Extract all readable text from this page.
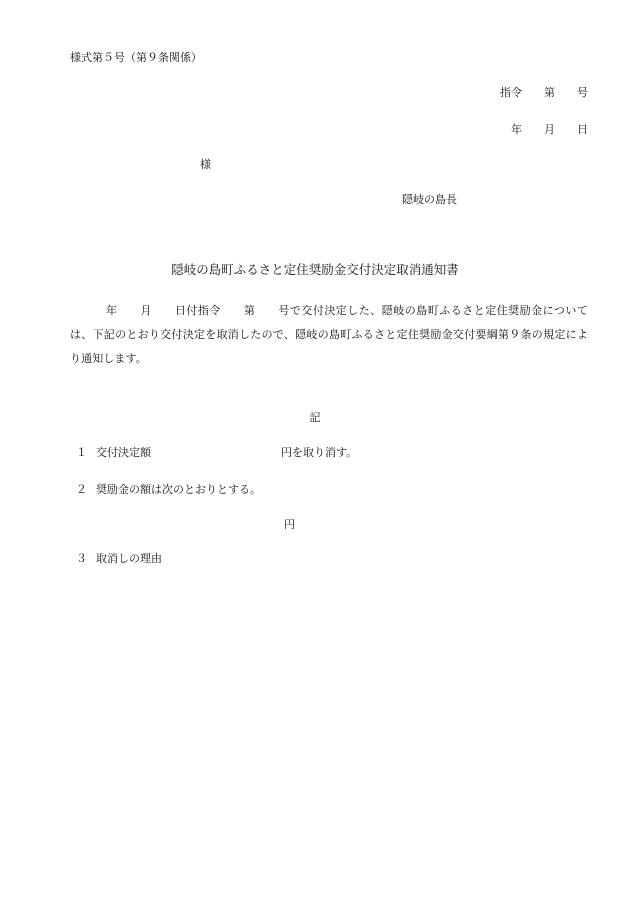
様式第５号（第９条関係）
指令 第 号
年 月 日
様
隠岐の島長
隠岐の島町ふるさと定住奨励金交付決定取消通知書
年　　月　　日付指令　　第　　号で交付決定した、隠岐の島町ふるさと定住奨励金については、下記のとおり交付決定を取消したので、隠岐の島町ふるさと定住奨励金交付要綱第９条の規定により通知します。
記
１ 交付決定額	円を取り消す。
２ 奨励金の額は次のとおりとする。
円
３ 取消しの理由
